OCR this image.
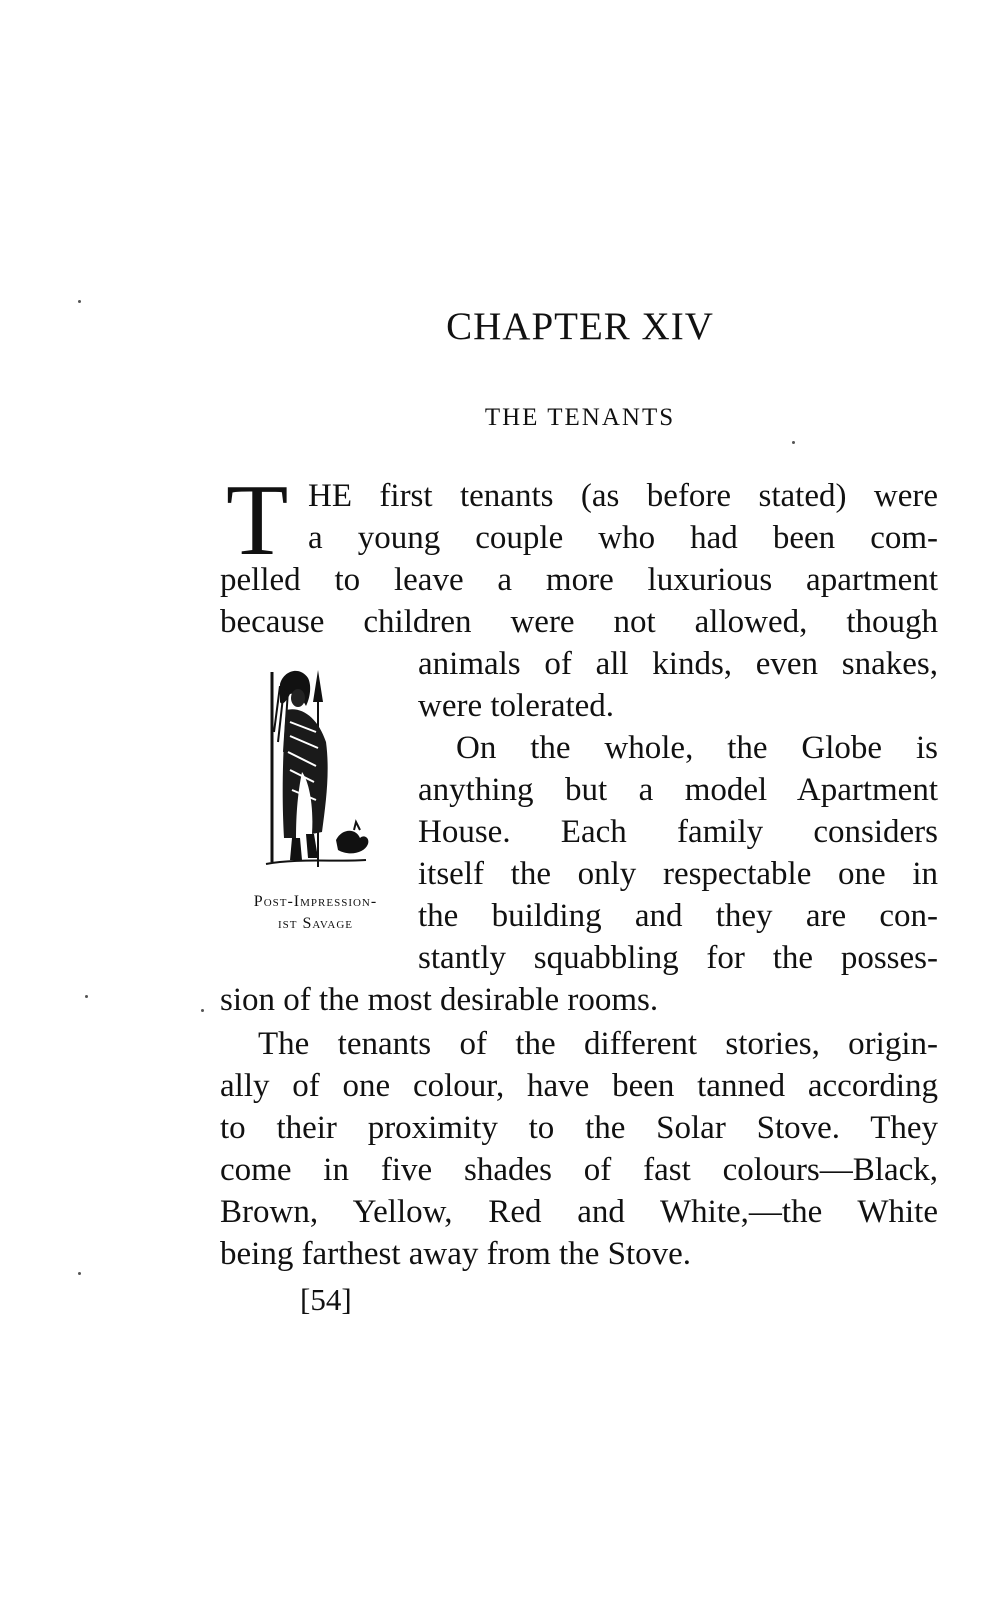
CHAPTER XIV
THE TENANTS
T HE first tenants (as before stated) were

a young couple who had been com-

pelled to leave a more luxurious apartment

because children were not allowed, though

animals of all kinds, even snakes,

were tolerated.

On the whole, the Globe is

anything but a model Apartment

House. Each family considers

itself the only respectable one in

the building and they are con-

stantly squabbling for the posses-

sion of the most desirable rooms.

The tenants of the different stories, origin-

ally of one colour, have been tanned according

to their proximity to the Solar Stove. They

come in five shades of fast colours—Black,

Brown, Yellow, Red and White,—the White

being farthest away from the Stove.

Post-Impression-

ist Savage

[54]
